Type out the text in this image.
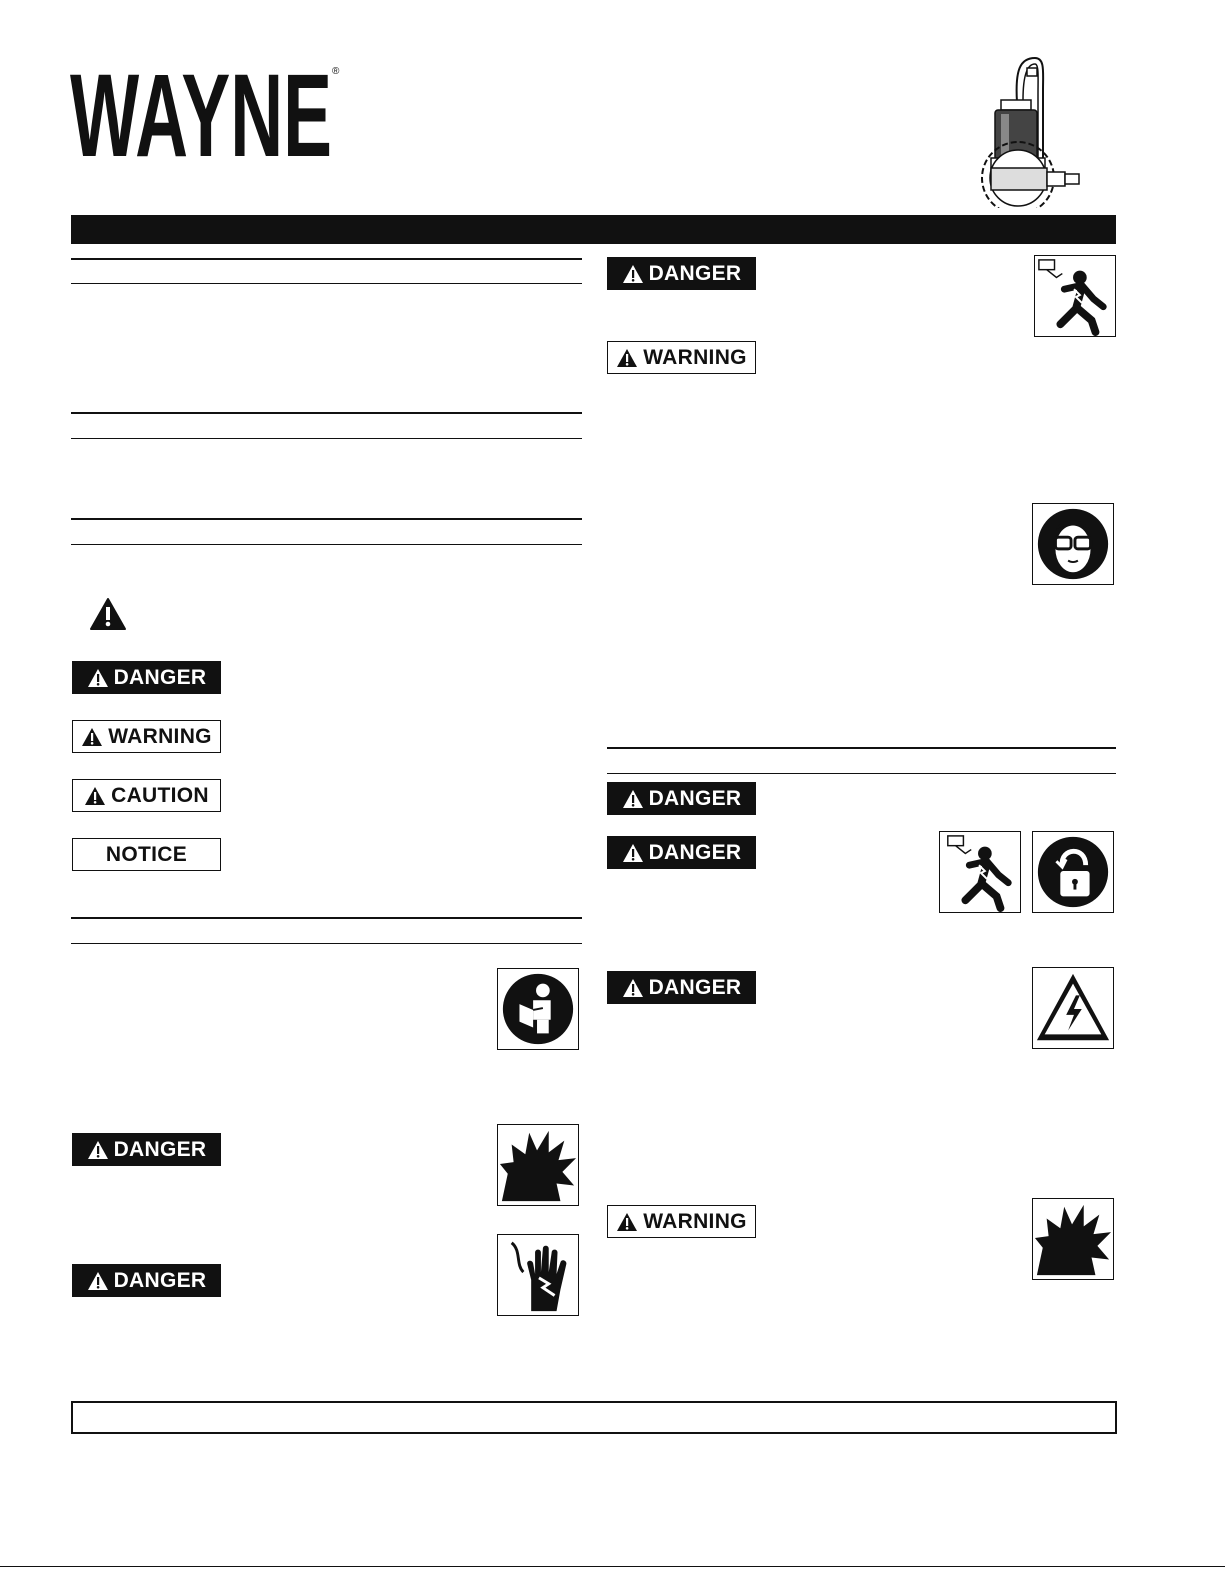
WAYNE ®
DANGER
WARNING
CAUTION
NOTICE
DANGER
DANGER
DANGER
WARNING
DANGER
DANGER
DANGER
WARNING
